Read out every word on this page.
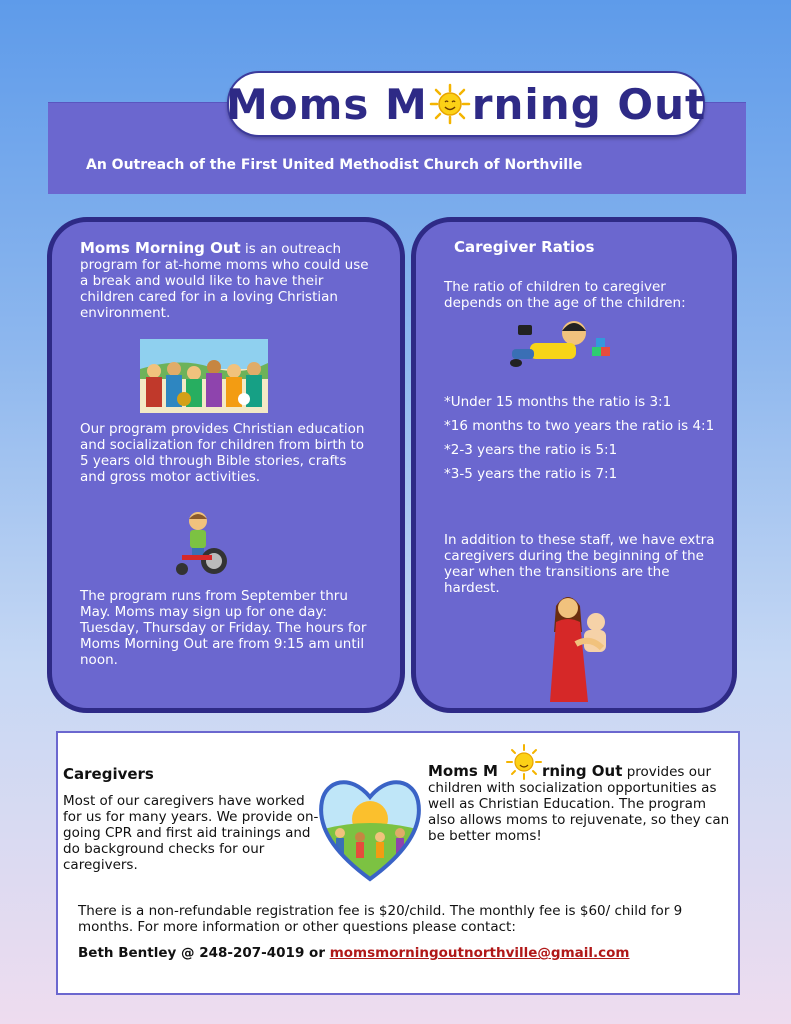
Moms M rning Out
An Outreach of the First United Methodist Church of Northville
Moms Morning Out is an outreach program for at-home moms who could use a break and would like to have their children cared for in a loving Christian environment.
Our program provides Christian education and socialization for children from birth to 5 years old through Bible stories, crafts and gross motor activities.
The program runs from September thru May. Moms may sign up for one day: Tuesday, Thursday or Friday. The hours for Moms Morning Out are from 9:15 am until noon.
Caregiver Ratios
The ratio of children to caregiver depends on the age of the children:
*Under 15 months the ratio is 3:1
*16 months to two years the ratio is 4:1
*2-3 years the ratio is 5:1
*3-5 years the ratio is 7:1
In addition to these staff, we have extra caregivers during the beginning of the year when the transitions are the hardest.
Caregivers
Most of our caregivers have worked for us for many years. We provide on-going CPR and first aid trainings and do background checks for our caregivers.
Moms M	rning Out provides our children with socialization opportunities as well as Christian Education. The program also allows moms to rejuvenate, so they can be better moms!
There is a non-refundable registration fee is $20/child. The monthly fee is $60/ child for 9 months. For more information or other questions please contact:
Beth Bentley @ 248-207-4019 or momsmorningoutnorthville@gmail.com
